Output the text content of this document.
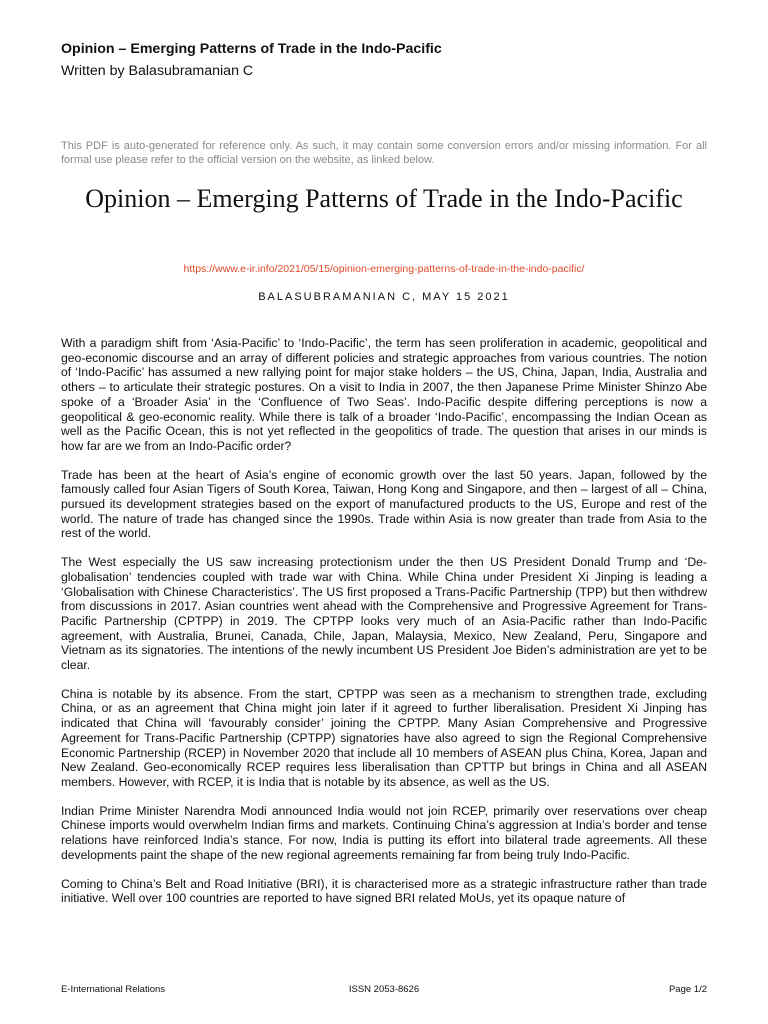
Opinion – Emerging Patterns of Trade in the Indo-Pacific
Written by Balasubramanian C
This PDF is auto-generated for reference only. As such, it may contain some conversion errors and/or missing information. For all formal use please refer to the official version on the website, as linked below.
Opinion – Emerging Patterns of Trade in the Indo-Pacific
https://www.e-ir.info/2021/05/15/opinion-emerging-patterns-of-trade-in-the-indo-pacific/
BALASUBRAMANIAN C, MAY 15 2021

With a paradigm shift from ‘Asia-Pacific’ to ‘Indo-Pacific’, the term has seen proliferation in academic, geopolitical and geo-economic discourse and an array of different policies and strategic approaches from various countries. The notion of ‘Indo-Pacific’ has assumed a new rallying point for major stake holders – the US, China, Japan, India, Australia and others – to articulate their strategic postures. On a visit to India in 2007, the then Japanese Prime Minister Shinzo Abe spoke of a ‘Broader Asia’ in the ‘Confluence of Two Seas’. Indo-Pacific despite differing perceptions is now a geopolitical & geo-economic reality. While there is talk of a broader ‘Indo-Pacific’, encompassing the Indian Ocean as well as the Pacific Ocean, this is not yet reflected in the geopolitics of trade. The question that arises in our minds is how far are we from an Indo-Pacific order?

Trade has been at the heart of Asia’s engine of economic growth over the last 50 years. Japan, followed by the famously called four Asian Tigers of South Korea, Taiwan, Hong Kong and Singapore, and then – largest of all – China, pursued its development strategies based on the export of manufactured products to the US, Europe and rest of the world. The nature of trade has changed since the 1990s. Trade within Asia is now greater than trade from Asia to the rest of the world.

The West especially the US saw increasing protectionism under the then US President Donald Trump and ‘De-globalisation’ tendencies coupled with trade war with China. While China under President Xi Jinping is leading a ‘Globalisation with Chinese Characteristics’. The US first proposed a Trans-Pacific Partnership (TPP) but then withdrew from discussions in 2017. Asian countries went ahead with the Comprehensive and Progressive Agreement for Trans-Pacific Partnership (CPTPP) in 2019. The CPTPP looks very much of an Asia-Pacific rather than Indo-Pacific agreement, with Australia, Brunei, Canada, Chile, Japan, Malaysia, Mexico, New Zealand, Peru, Singapore and Vietnam as its signatories. The intentions of the newly incumbent US President Joe Biden’s administration are yet to be clear.

China is notable by its absence. From the start, CPTPP was seen as a mechanism to strengthen trade, excluding China, or as an agreement that China might join later if it agreed to further liberalisation. President Xi Jinping has indicated that China will ‘favourably consider’ joining the CPTPP. Many Asian Comprehensive and Progressive Agreement for Trans-Pacific Partnership (CPTPP) signatories have also agreed to sign the Regional Comprehensive Economic Partnership (RCEP) in November 2020 that include all 10 members of ASEAN plus China, Korea, Japan and New Zealand. Geo-economically RCEP requires less liberalisation than CPTTP but brings in China and all ASEAN members. However, with RCEP, it is India that is notable by its absence, as well as the US.

Indian Prime Minister Narendra Modi announced India would not join RCEP, primarily over reservations over cheap Chinese imports would overwhelm Indian firms and markets. Continuing China’s aggression at India’s border and tense relations have reinforced India’s stance. For now, India is putting its effort into bilateral trade agreements. All these developments paint the shape of the new regional agreements remaining far from being truly Indo-Pacific.

Coming to China’s Belt and Road Initiative (BRI), it is characterised more as a strategic infrastructure rather than trade initiative. Well over 100 countries are reported to have signed BRI related MoUs, yet its opaque nature of

E-International Relations	ISSN 2053-8626	Page 1/2
